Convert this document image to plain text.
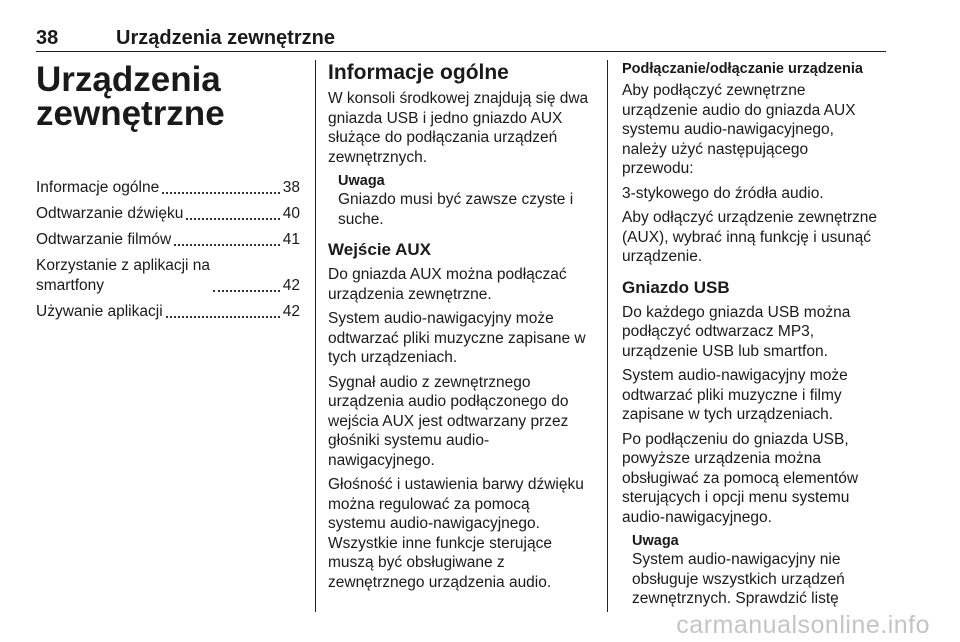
38	Urządzenia zewnętrzne
Urządzenia
zewnętrzne
Informacje ogólne	38
Odtwarzanie dźwięku	40
Odtwarzanie filmów	41
Korzystanie z aplikacji na
smartfony	42
Używanie aplikacji	42
Informacje ogólne

W konsoli środkowej znajdują się dwa
gniazda USB i jedno gniazdo AUX
służące do podłączania urządzeń
zewnętrznych.

Uwaga
Gniazdo musi być zawsze czyste i
suche.
Wejście AUX

Do gniazda AUX można podłączać
urządzenia zewnętrzne.

System audio-nawigacyjny może
odtwarzać pliki muzyczne zapisane w
tych urządzeniach.

Sygnał audio z zewnętrznego
urządzenia audio podłączonego do
wejścia AUX jest odtwarzany przez
głośniki systemu audio-
nawigacyjnego.

Głośność i ustawienia barwy dźwięku
można regulować za pomocą
systemu audio-nawigacyjnego.
Wszystkie inne funkcje sterujące
muszą być obsługiwane z
zewnętrznego urządzenia audio.

Podłączanie/odłączanie urządzenia

Aby podłączyć zewnętrzne
urządzenie audio do gniazda AUX
systemu audio-nawigacyjnego,
należy użyć następującego
przewodu:

3-stykowego do źródła audio.

Aby odłączyć urządzenie zewnętrzne
(AUX), wybrać inną funkcję i usunąć
urządzenie.

Gniazdo USB

Do każdego gniazda USB można
podłączyć odtwarzacz MP3,
urządzenie USB lub smartfon.

System audio-nawigacyjny może
odtwarzać pliki muzyczne i filmy
zapisane w tych urządzeniach.

Po podłączeniu do gniazda USB,
powyższe urządzenia można
obsługiwać za pomocą elementów
sterujących i opcji menu systemu
audio-nawigacyjnego.

Uwaga
System audio-nawigacyjny nie
obsługuje wszystkich urządzeń
zewnętrznych. Sprawdzić listę
carmanualsonline.info
